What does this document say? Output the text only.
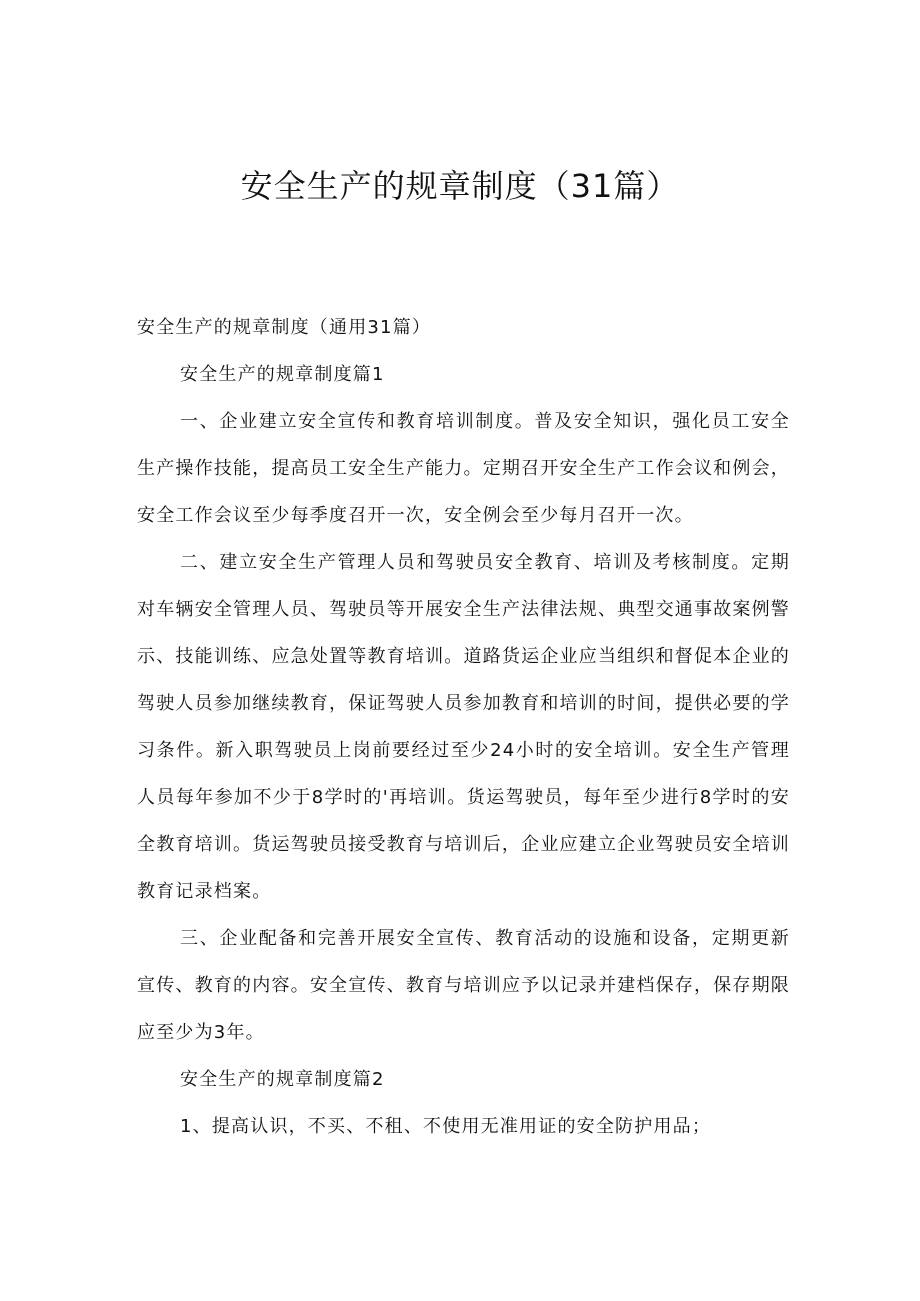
安全生产的规章制度（31篇）

安全生产的规章制度（通用31篇）

安全生产的规章制度篇1

一、企业建立安全宣传和教育培训制度。普及安全知识，强化员工安全生产操作技能，提高员工安全生产能力。定期召开安全生产工作会议和例会，安全工作会议至少每季度召开一次，安全例会至少每月召开一次。

二、建立安全生产管理人员和驾驶员安全教育、培训及考核制度。定期对车辆安全管理人员、驾驶员等开展安全生产法律法规、典型交通事故案例警示、技能训练、应急处置等教育培训。道路货运企业应当组织和督促本企业的驾驶人员参加继续教育，保证驾驶人员参加教育和培训的时间，提供必要的学习条件。新入职驾驶员上岗前要经过至少24小时的安全培训。安全生产管理人员每年参加不少于8学时的'再培训。货运驾驶员，每年至少进行8学时的安全教育培训。货运驾驶员接受教育与培训后，企业应建立企业驾驶员安全培训教育记录档案。

三、企业配备和完善开展安全宣传、教育活动的设施和设备，定期更新宣传、教育的内容。安全宣传、教育与培训应予以记录并建档保存，保存期限应至少为3年。

安全生产的规章制度篇2

1、提高认识，不买、不租、不使用无准用证的安全防护用品；
